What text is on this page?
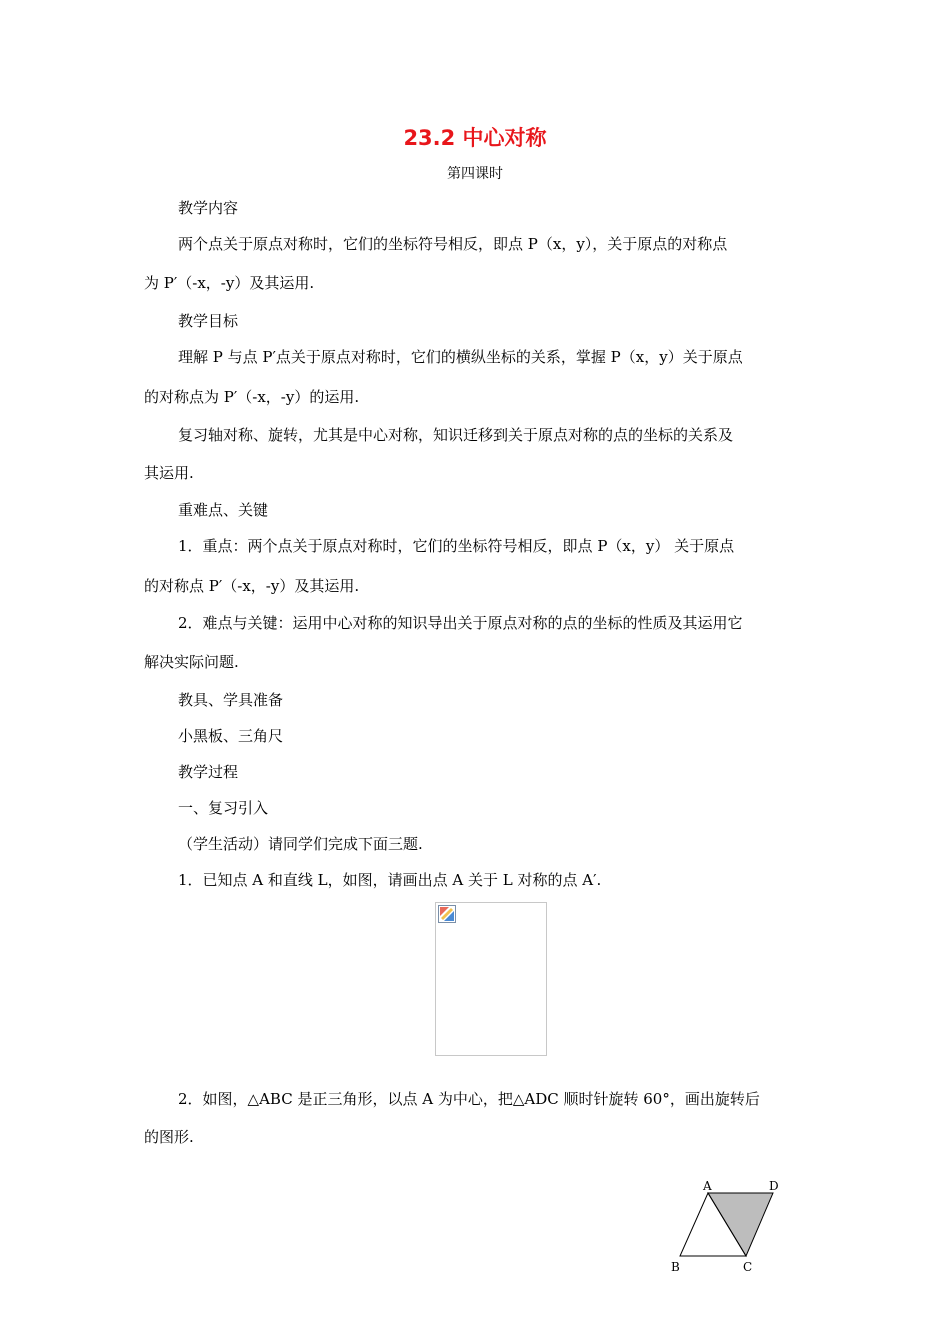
23.2 中心对称
第四课时
教学内容
两个点关于原点对称时，它们的坐标符号相反，即点 P（x，y），关于原点的对称点
为 P′（-x，-y）及其运用.
教学目标
理解 P 与点 P′点关于原点对称时，它们的横纵坐标的关系，掌握 P（x，y）关于原点
的对称点为 P′（-x，-y）的运用.
复习轴对称、旋转，尤其是中心对称，知识迁移到关于原点对称的点的坐标的关系及
其运用.
重难点、关键
1．重点：两个点关于原点对称时，它们的坐标符号相反，即点 P（x，y） 关于原点
的对称点 P′（-x，-y）及其运用.
2．难点与关键：运用中心对称的知识导出关于原点对称的点的坐标的性质及其运用它
解决实际问题.
教具、学具准备
小黑板、三角尺
教学过程
一、复习引入
（学生活动）请同学们完成下面三题.
1．已知点 A 和直线 L，如图，请画出点 A 关于 L 对称的点 A′.
2．如图，△ABC 是正三角形，以点 A 为中心，把△ADC 顺时针旋转 60°，画出旋转后
的图形.
A	D
B	C
